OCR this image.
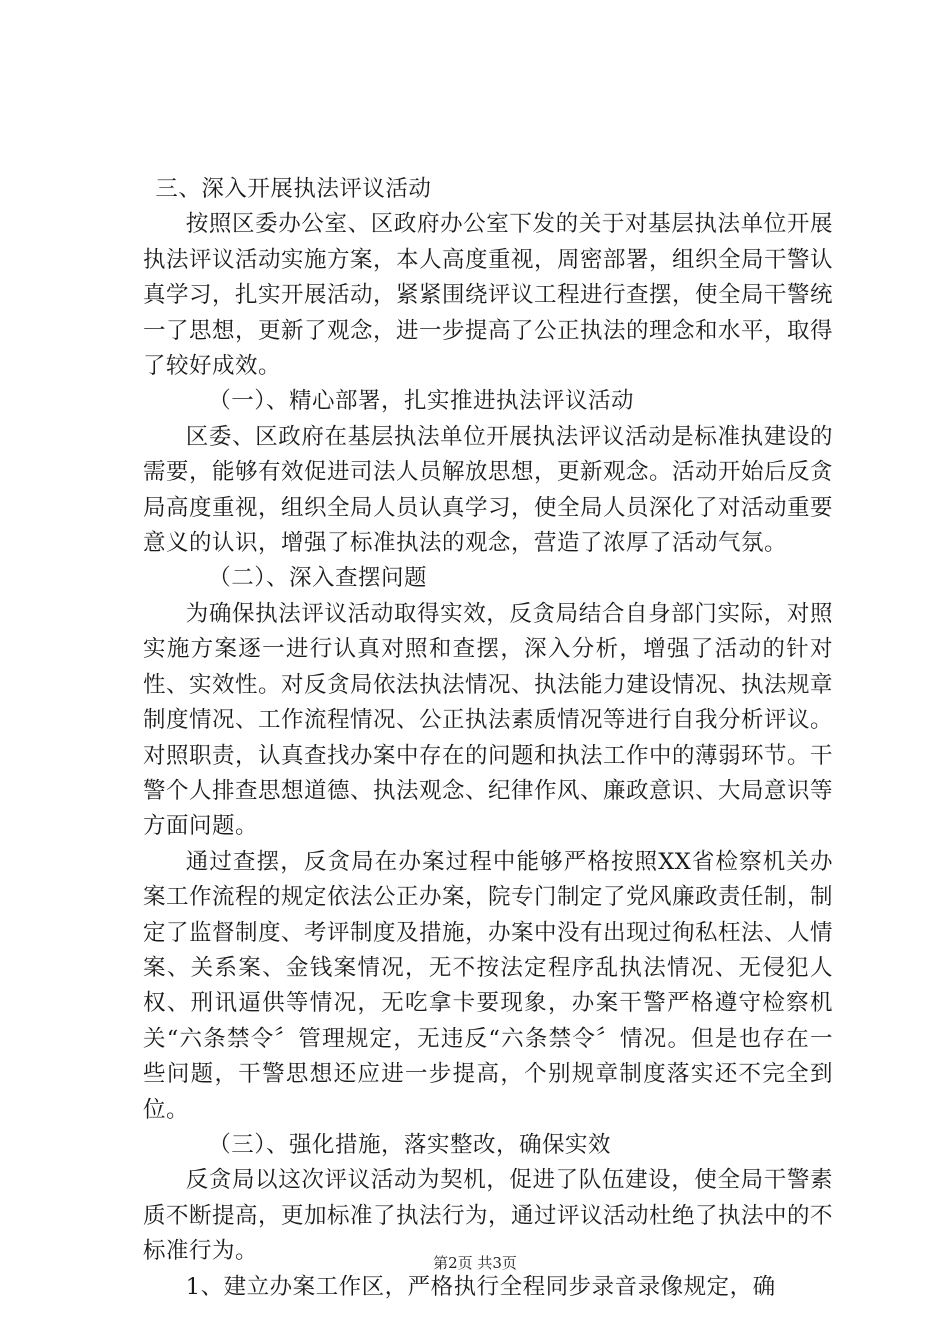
三、深入开展执法评议活动

按照区委办公室、区政府办公室下发的关于对基层执法单位开展执法评议活动实施方案，本人高度重视，周密部署，组织全局干警认真学习，扎实开展活动，紧紧围绕评议工程进行查摆，使全局干警统一了思想，更新了观念，进一步提高了公正执法的理念和水平，取得了较好成效。

（一）、精心部署，扎实推进执法评议活动

区委、区政府在基层执法单位开展执法评议活动是标准执建设的需要，能够有效促进司法人员解放思想，更新观念。活动开始后反贪局高度重视，组织全局人员认真学习，使全局人员深化了对活动重要意义的认识，增强了标准执法的观念，营造了浓厚了活动气氛。

（二）、深入查摆问题

为确保执法评议活动取得实效，反贪局结合自身部门实际，对照实施方案逐一进行认真对照和查摆，深入分析，增强了活动的针对性、实效性。对反贪局依法执法情况、执法能力建设情况、执法规章制度情况、工作流程情况、公正执法素质情况等进行自我分析评议。对照职责，认真查找办案中存在的问题和执法工作中的薄弱环节。干警个人排查思想道德、执法观念、纪律作风、廉政意识、大局意识等方面问题。

通过查摆，反贪局在办案过程中能够严格按照XX省检察机关办案工作流程的规定依法公正办案，院专门制定了党风廉政责任制，制定了监督制度、考评制度及措施，办案中没有出现过徇私枉法、人情案、关系案、金钱案情况，无不按法定程序乱执法情况、无侵犯人权、刑讯逼供等情况，无吃拿卡要现象，办案干警严格遵守检察机关“六条禁令〞管理规定，无违反“六条禁令〞情况。但是也存在一些问题，干警思想还应进一步提高，个别规章制度落实还不完全到位。

（三）、强化措施，落实整改，确保实效

反贪局以这次评议活动为契机，促进了队伍建设，使全局干警素质不断提高，更加标准了执法行为，通过评议活动杜绝了执法中的不标准行为。

1、建立办案工作区，严格执行全程同步录音录像规定，确

第2页 共3页
